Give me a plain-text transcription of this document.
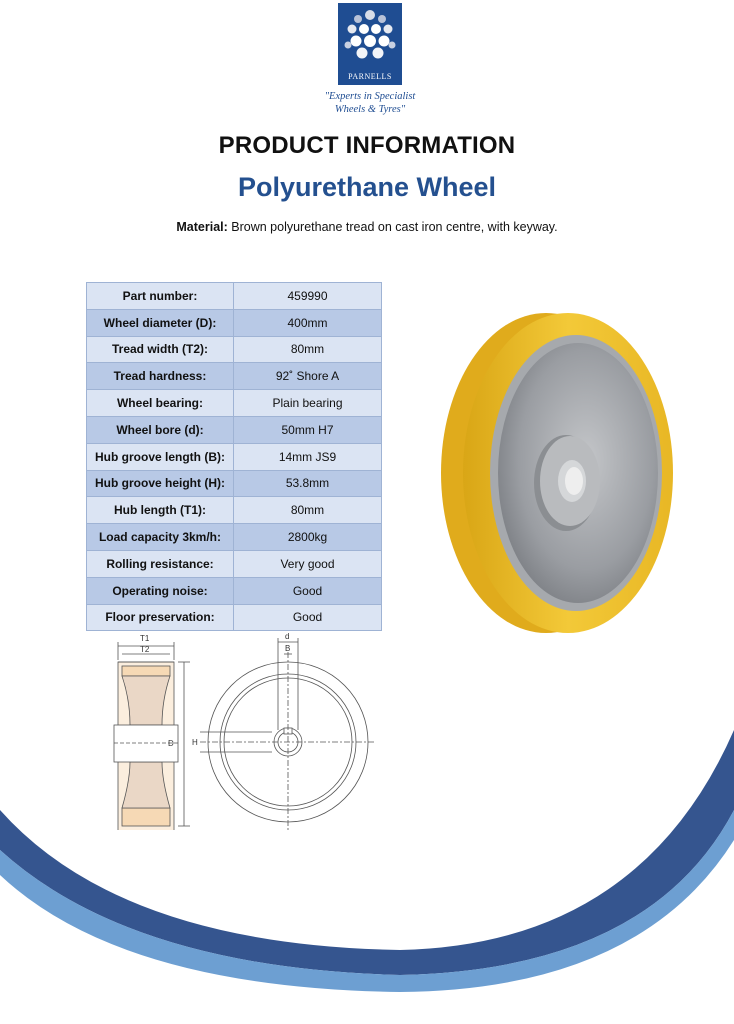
PARNELLS
"Experts in Specialist
Wheels & Tyres"
PRODUCT INFORMATION
Polyurethane Wheel
Material: Brown polyurethane tread on cast iron centre, with keyway.
Part number:	459990
Wheel diameter (D):	400mm
Tread width (T2):	80mm
Tread hardness:	92˚ Shore A
Wheel bearing:	Plain bearing
Wheel bore (d):	50mm H7
Hub groove length (B):	14mm JS9
Hub groove height (H):	53.8mm
Hub length (T1):	80mm
Load capacity 3km/h:	2800kg
Rolling resistance:	Very good
Operating noise:	Good
Floor preservation:	Good
T1
T2
D
d
B
H
